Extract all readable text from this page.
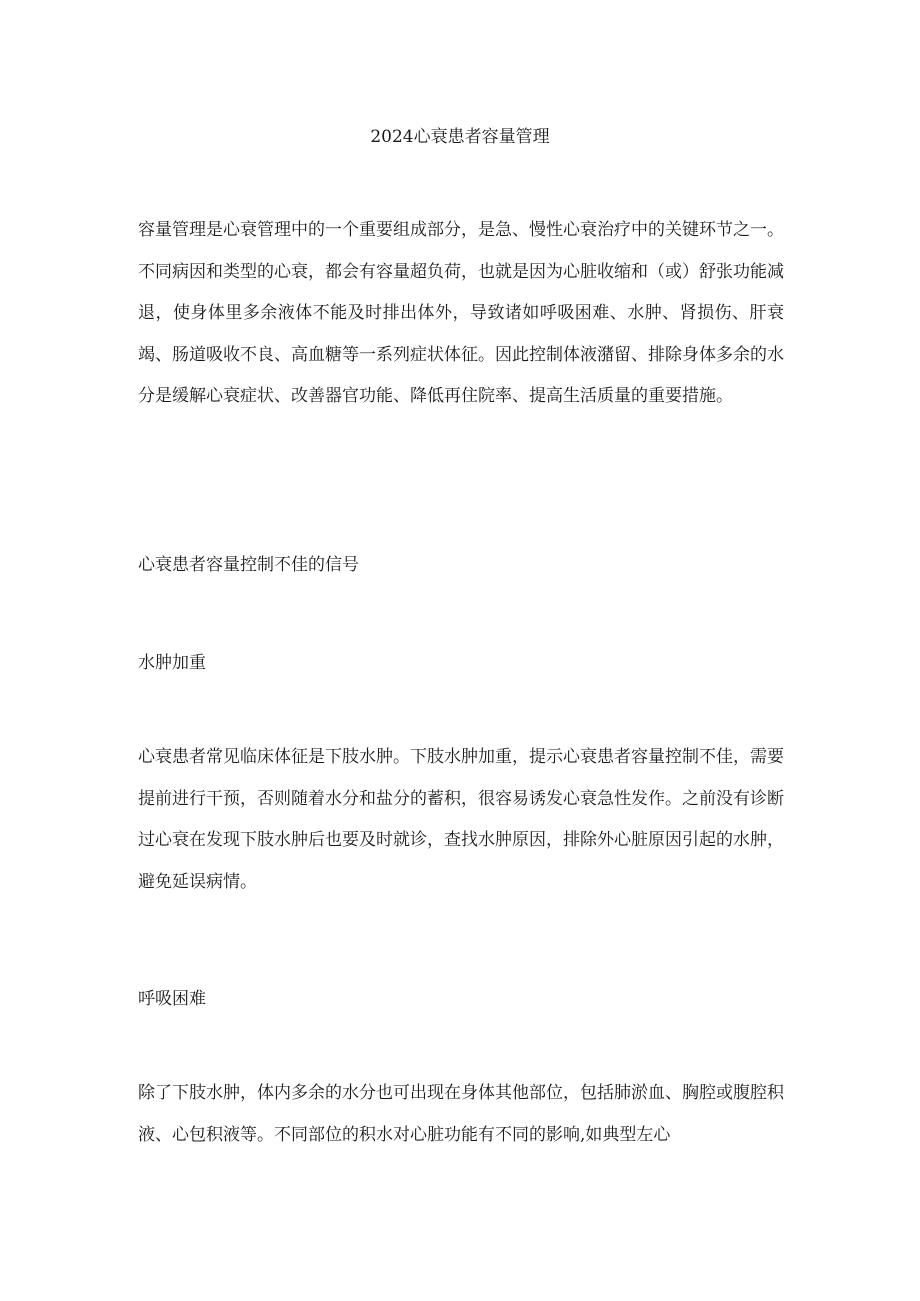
2024心衰患者容量管理

容量管理是心衰管理中的一个重要组成部分，是急、慢性心衰治疗中的关键环节之一。不同病因和类型的心衰，都会有容量超负荷，也就是因为心脏收缩和（或）舒张功能减退，使身体里多余液体不能及时排出体外，导致诸如呼吸困难、水肿、肾损伤、肝衰竭、肠道吸收不良、高血糖等一系列症状体征。因此控制体液潴留、排除身体多余的水分是缓解心衰症状、改善器官功能、降低再住院率、提高生活质量的重要措施。

心衰患者容量控制不佳的信号
水肿加重

心衰患者常见临床体征是下肢水肿。下肢水肿加重，提示心衰患者容量控制不佳，需要提前进行干预，否则随着水分和盐分的蓄积，很容易诱发心衰急性发作。之前没有诊断过心衰在发现下肢水肿后也要及时就诊，查找水肿原因，排除外心脏原因引起的水肿，避免延误病情。

呼吸困难

除了下肢水肿，体内多余的水分也可出现在身体其他部位，包括肺淤血、胸腔或腹腔积液、心包积液等。不同部位的积水对心脏功能有不同的影响,如典型左心
